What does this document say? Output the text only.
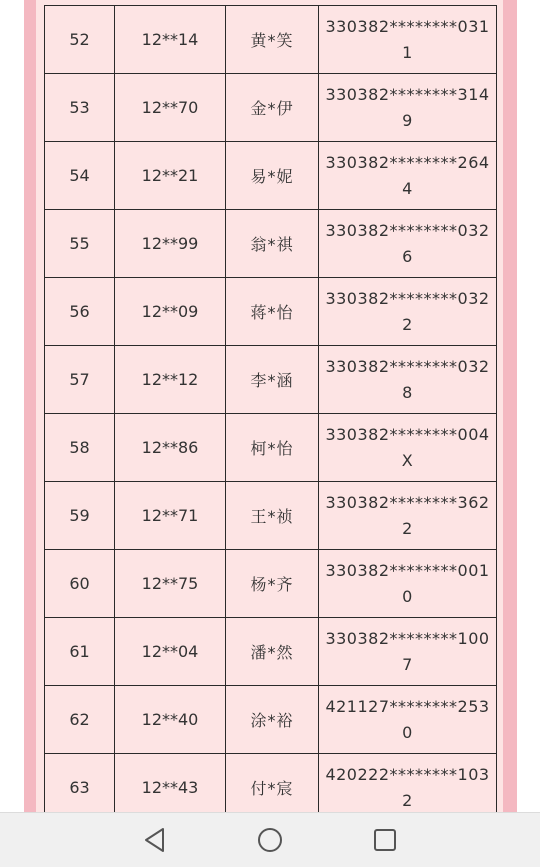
52	12**14	黄*笑	330382********0311
53	12**70	金*伊	330382********3149
54	12**21	易*妮	330382********2644
55	12**99	翁*祺	330382********0326
56	12**09	蒋*怡	330382********0322
57	12**12	李*涵	330382********0328
58	12**86	柯*怡	330382********004X
59	12**71	王*祯	330382********3622
60	12**75	杨*齐	330382********0010
61	12**04	潘*然	330382********1007
62	12**40	涂*裕	421127********2530
63	12**43	付*宸	420222********1032
